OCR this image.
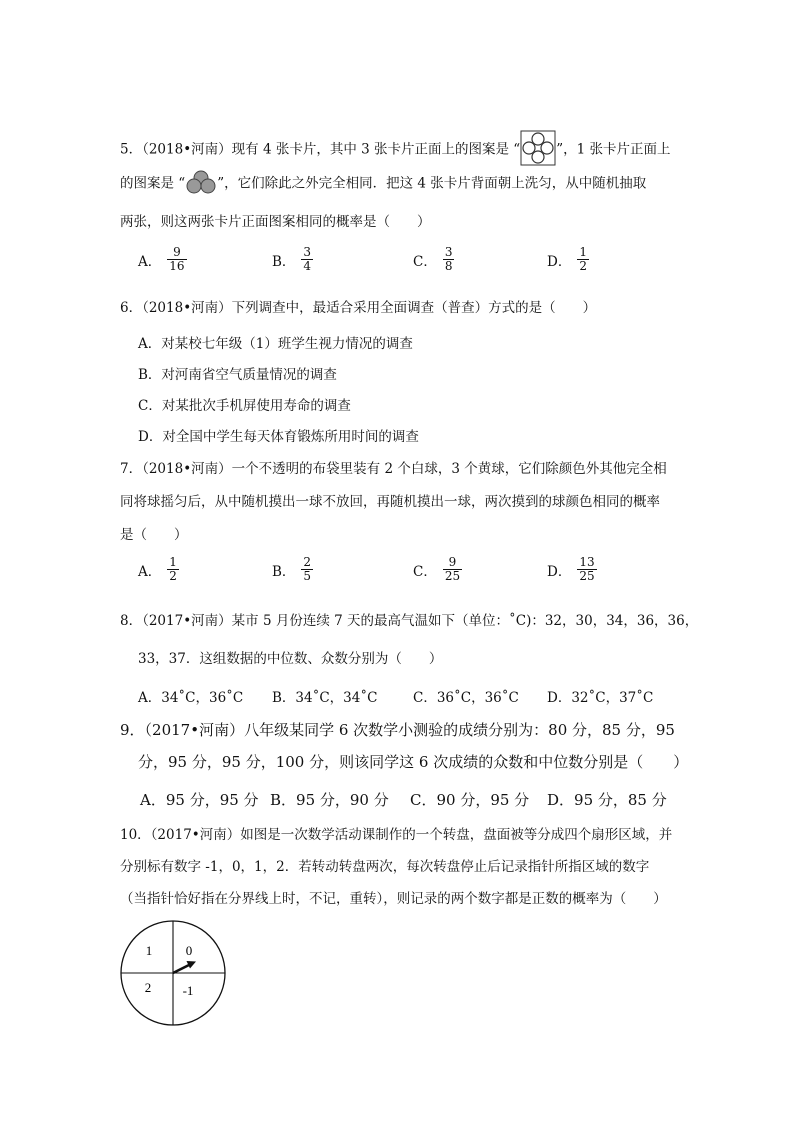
5．（2018•河南）现有 4 张卡片，其中 3 张卡片正面上的图案是 “	”，1 张卡片正面上
的图案是 “ ”，它们除此之外完全相同．把这 4 张卡片背面朝上洗匀，从中随机抽取
两张，则这两张卡片正面图案相同的概率是（　　）
A． $\frac{9}{16}$	B． $\frac{3}{4}$	C． $\frac{3}{8}$	D． $\frac{1}{2}$
6．（2018•河南）下列调查中，最适合采用全面调查（普查）方式的是（　　）
A．对某校七年级（1）班学生视力情况的调查
B．对河南省空气质量情况的调查
C．对某批次手机屏使用寿命的调查
D．对全国中学生每天体育锻炼所用时间的调查
7．（2018•河南）一个不透明的布袋里装有 2 个白球，3 个黄球，它们除颜色外其他完全相
同将球摇匀后，从中随机摸出一球不放回，再随机摸出一球，两次摸到的球颜色相同的概率
是（　　）
A． $\frac{1}{2}$	B． $\frac{2}{5}$	C． $\frac{9}{25}$	D． $\frac{13}{25}$
8．（2017•河南）某市 5 月份连续 7 天的最高气温如下（单位：˚C)：32，30，34，36，36，
33，37．这组数据的中位数、众数分别为（　　）
A．34˚C，36˚C B．34˚C，34˚C	C．36˚C，36˚C D．32˚C，37˚C
9．（2017•河南）八年级某同学 6 次数学小测验的成绩分别为：80 分，85 分，95
分，95 分，95 分，100 分，则该同学这 6 次成绩的众数和中位数分别是（　　）
A．95 分，95 分 B．95 分，90 分 C．90 分，95 分 D．95 分，85 分
10．（2017•河南）如图是一次数学活动课制作的一个转盘，盘面被等分成四个扇形区域，并
分别标有数字 -1，0，1，2．若转动转盘两次，每次转盘停止后记录指针所指区域的数字
（当指针恰好指在分界线上时，不记，重转），则记录的两个数字都是正数的概率为（　　）
1	0
2 -1
